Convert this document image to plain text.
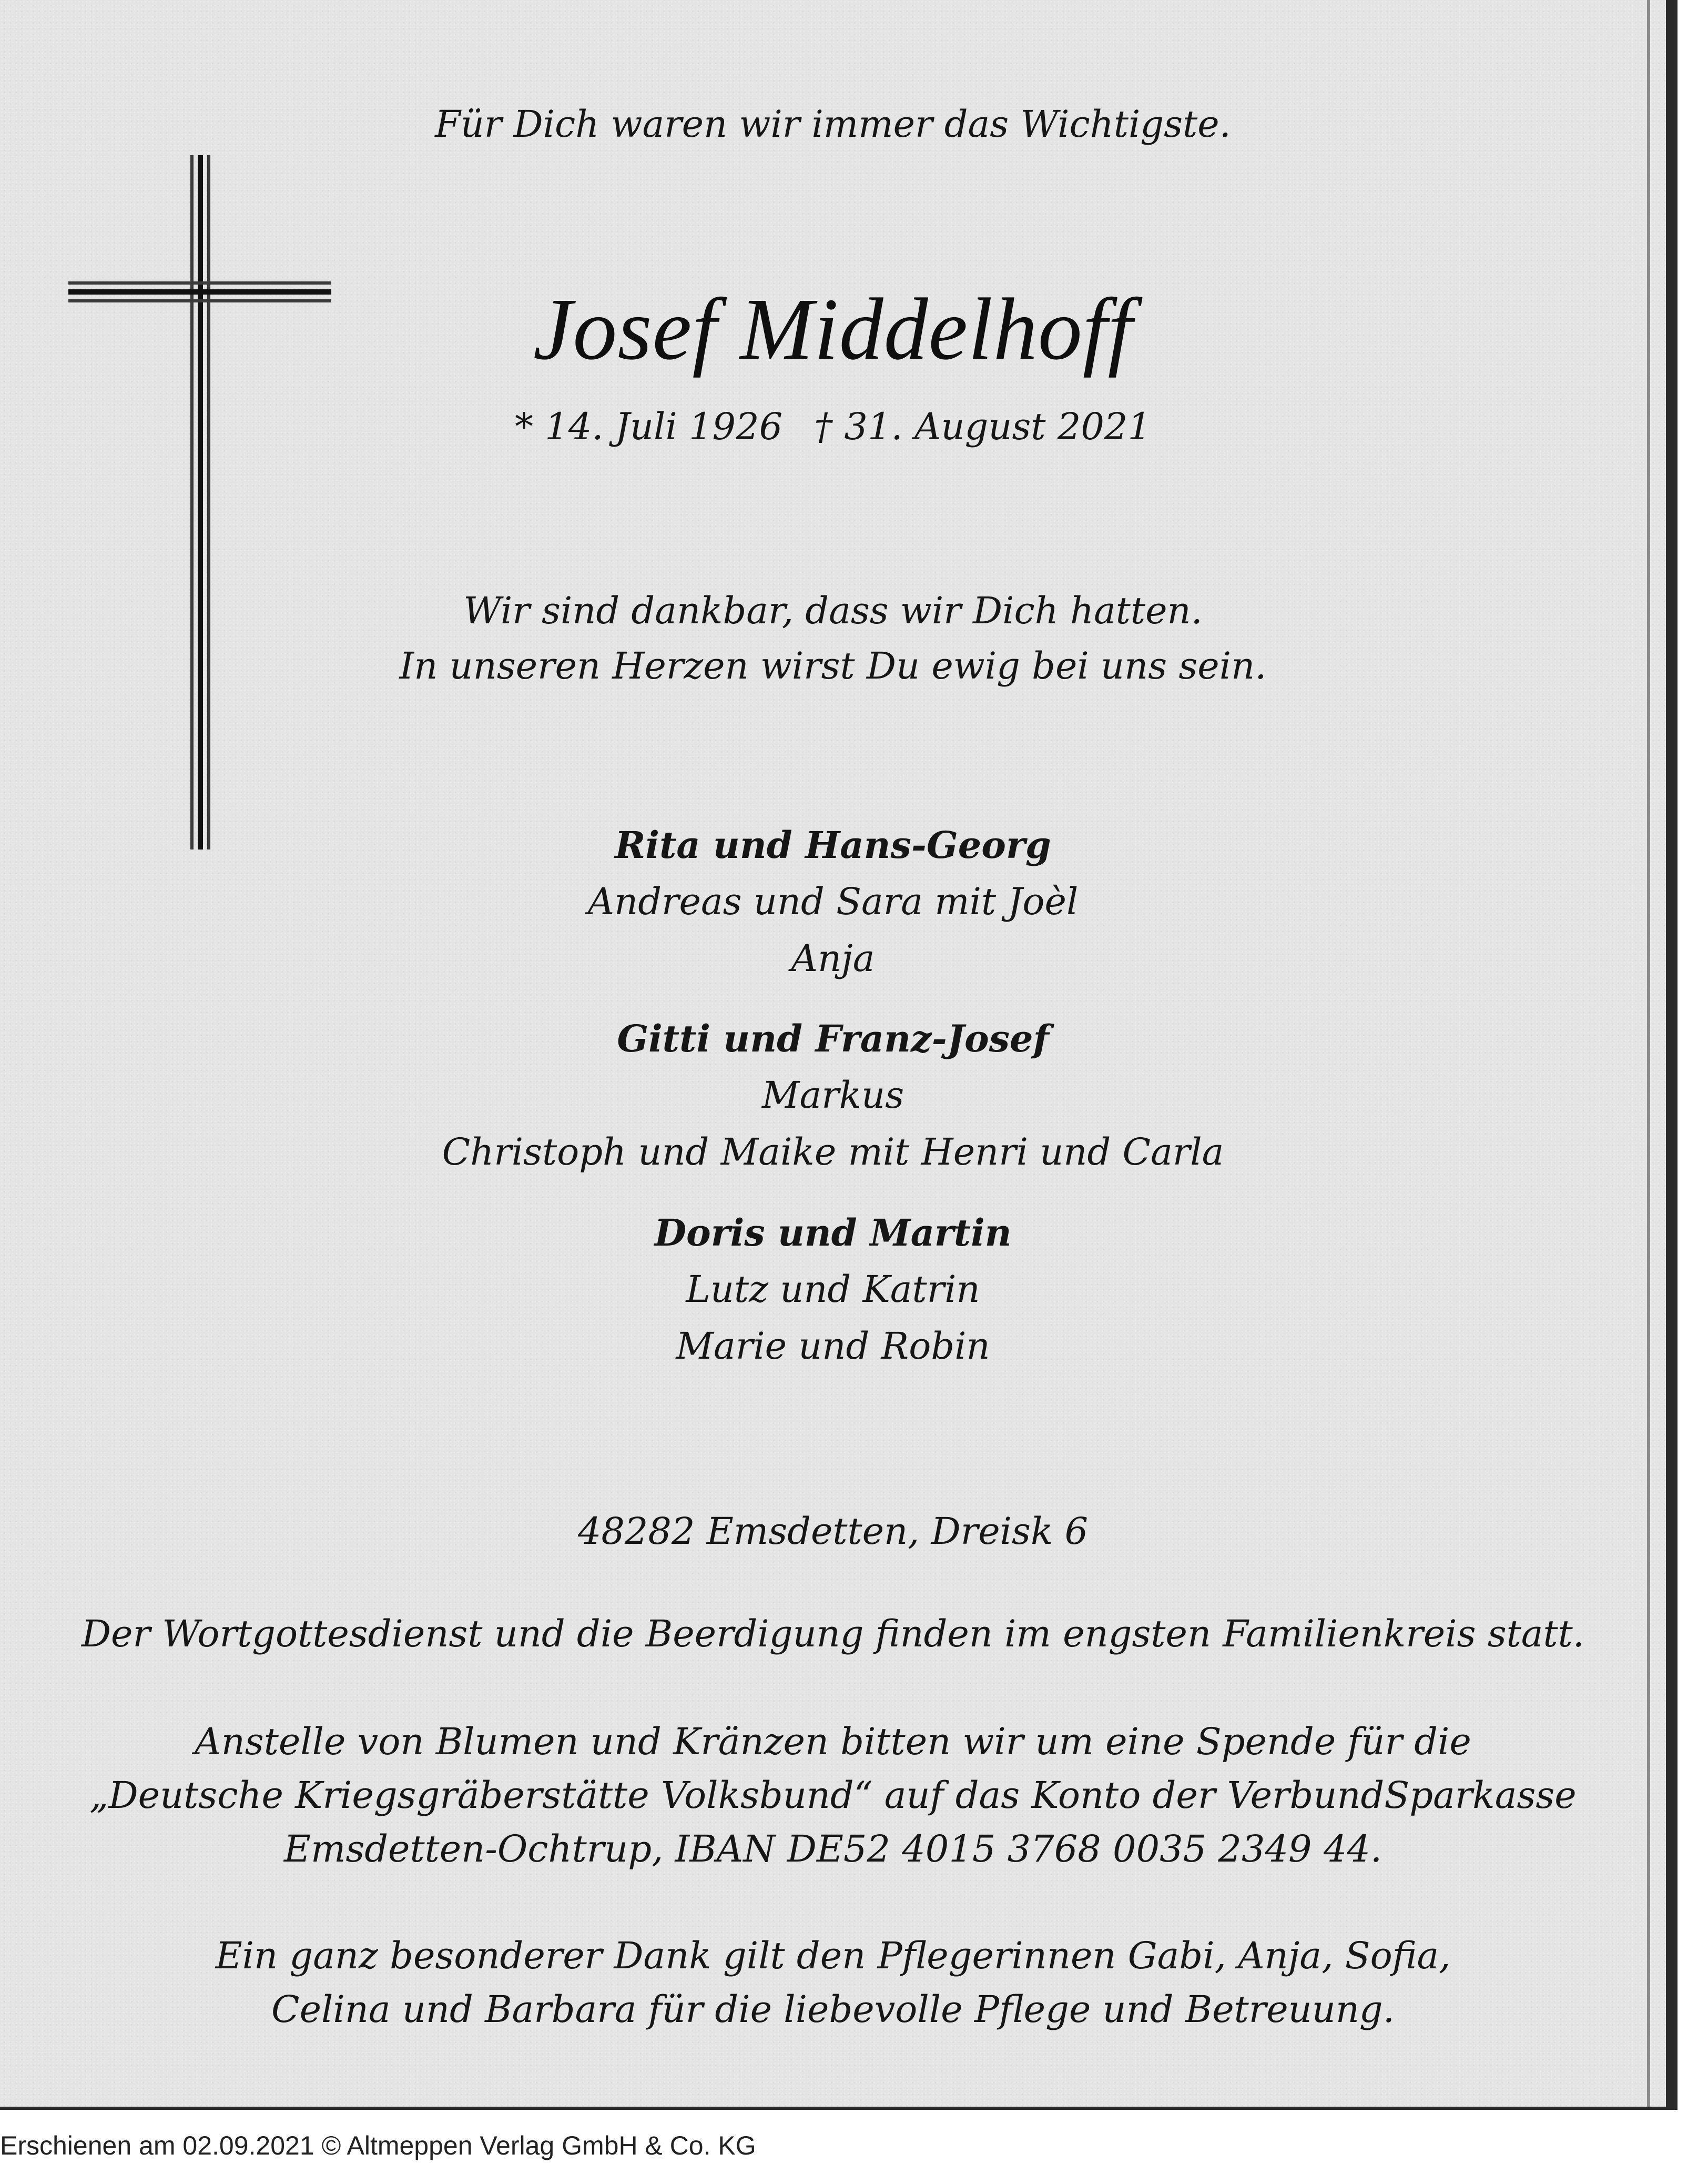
Für Dich waren wir immer das Wichtigste.
Josef Middelhoff
* 14. Juli 1926 † 31. August 2021
Wir sind dankbar, dass wir Dich hatten.
In unseren Herzen wirst Du ewig bei uns sein.
Rita und Hans-Georg
Andreas und Sara mit Joèl
Anja
Gitti und Franz-Josef
Markus
Christoph und Maike mit Henri und Carla
Doris und Martin
Lutz und Katrin
Marie und Robin
48282 Emsdetten, Dreisk 6
Der Wortgottesdienst und die Beerdigung finden im engsten Familienkreis statt.
Anstelle von Blumen und Kränzen bitten wir um eine Spende für die
„Deutsche Kriegsgräberstätte Volksbund“ auf das Konto der VerbundSparkasse
Emsdetten-Ochtrup, IBAN DE52 4015 3768 0035 2349 44.
Ein ganz besonderer Dank gilt den Pflegerinnen Gabi, Anja, Sofia,
Celina und Barbara für die liebevolle Pflege und Betreuung.
Erschienen am 02.09.2021 © Altmeppen Verlag GmbH & Co. KG
